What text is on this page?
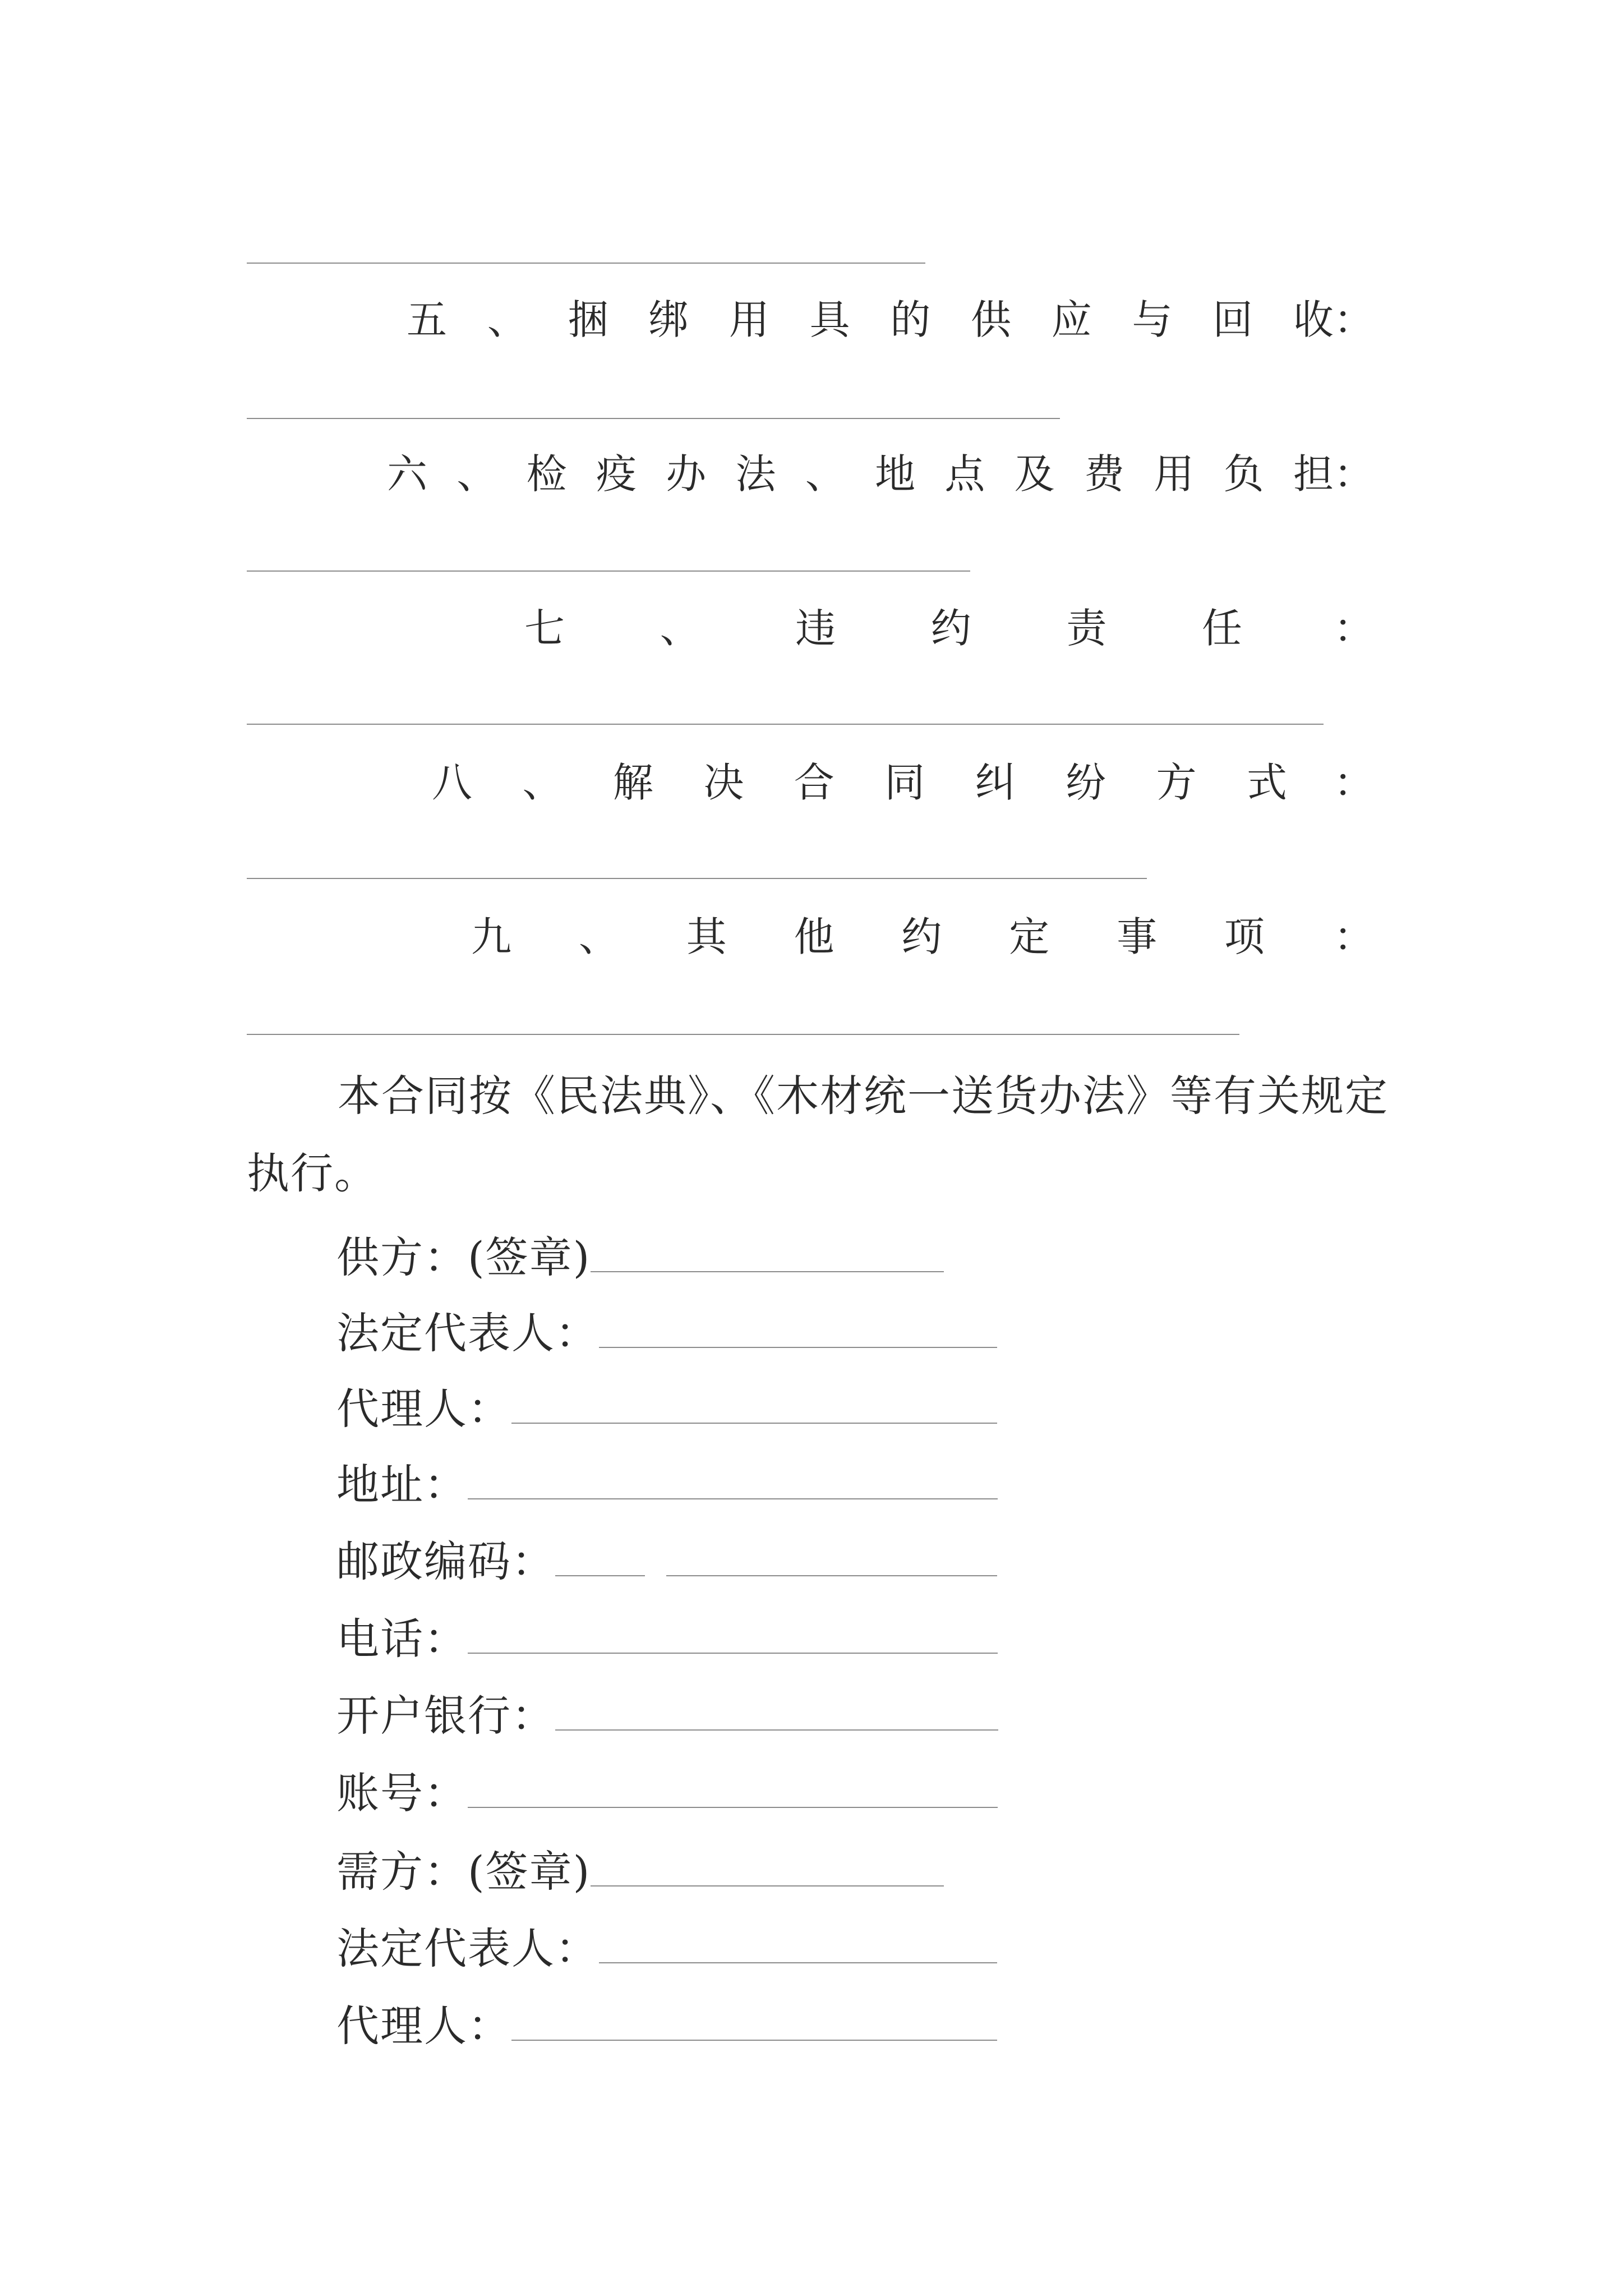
五 、 捆 绑 用 具 的 供 应 与 回 收 ：
六 、 检 疫 办 法 、 地 点 及 费 用 负 担 ：
七 、 违 约 责 任 ：
八 、 解 决 合 同 纠 纷 方 式 ：
九 、 其 他 约 定 事 项 ：

本合同按《民法典》、《木材统一送货办法》等有关规定执行。

供方：(签章)
法定代表人：
代理人：
地址：
邮政编码：
电话：
开户银行：
账号：
需方：(签章)
法定代表人：
代理人：
